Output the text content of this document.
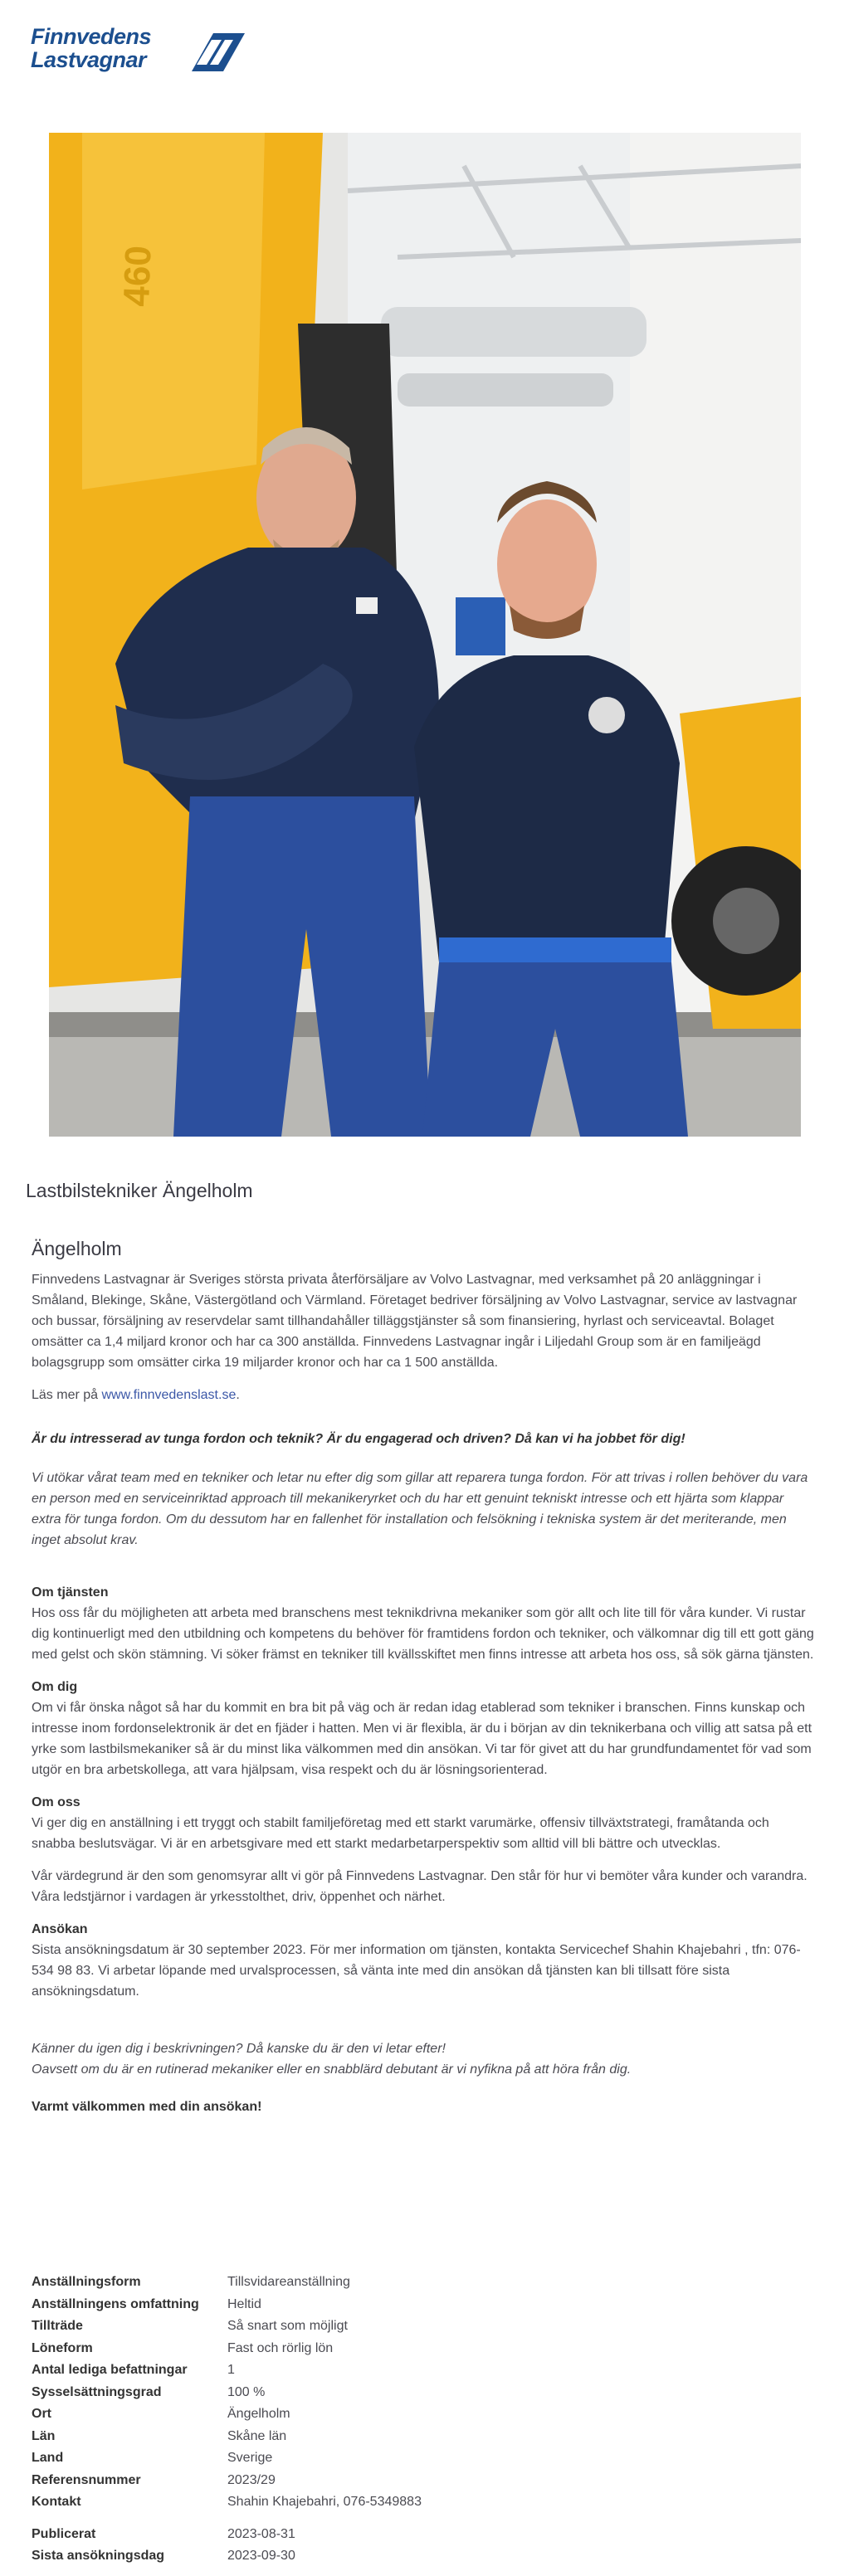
Finnvedens
Lastvagnar
460
Lastbilstekniker Ängelholm
Ängelholm

Finnvedens Lastvagnar är Sveriges största privata återförsäljare av Volvo Lastvagnar, med verksamhet på 20 anläggningar i Småland, Blekinge, Skåne, Västergötland och Värmland. Företaget bedriver försäljning av Volvo Lastvagnar, service av lastvagnar och bussar, försäljning av reservdelar samt tillhandahåller tilläggstjänster så som finansiering, hyrlast och serviceavtal. Bolaget omsätter ca 1,4 miljard kronor och har ca 300 anställda. Finnvedens Lastvagnar ingår i Liljedahl Group som är en familjeägd bolagsgrupp som omsätter cirka 19 miljarder kronor och har ca 1 500 anställda.

Läs mer på www.finnvedenslast.se.

Är du intresserad av tunga fordon och teknik? Är du engagerad och driven? Då kan vi ha jobbet för dig!

Vi utökar vårat team med en tekniker och letar nu efter dig som gillar att reparera tunga fordon. För att trivas i rollen behöver du vara en person med en serviceinriktad approach till mekanikeryrket och du har ett genuint tekniskt intresse och ett hjärta som klappar extra för tunga fordon. Om du dessutom har en fallenhet för installation och felsökning i tekniska system är det meriterande, men inget absolut krav.

Om tjänsten

Hos oss får du möjligheten att arbeta med branschens mest teknikdrivna mekaniker som gör allt och lite till för våra kunder. Vi rustar dig kontinuerligt med den utbildning och kompetens du behöver för framtidens fordon och tekniker, och välkomnar dig till ett gott gäng med gelst och skön stämning. Vi söker främst en tekniker till kvällsskiftet men finns intresse att arbeta hos oss, så sök gärna tjänsten.

Om dig

Om vi får önska något så har du kommit en bra bit på väg och är redan idag etablerad som tekniker i branschen. Finns kunskap och intresse inom fordonselektronik är det en fjäder i hatten. Men vi är flexibla, är du i början av din teknikerbana och villig att satsa på ett yrke som lastbilsmekaniker så är du minst lika välkommen med din ansökan. Vi tar för givet att du har grundfundamentet för vad som utgör en bra arbetskollega, att vara hjälpsam, visa respekt och du är lösningsorienterad.

Om oss

Vi ger dig en anställning i ett tryggt och stabilt familjeföretag med ett starkt varumärke, offensiv tillväxtstrategi, framåtanda och snabba beslutsvägar. Vi är en arbetsgivare med ett starkt medarbetarperspektiv som alltid vill bli bättre och utvecklas.

Vår värdegrund är den som genomsyrar allt vi gör på Finnvedens Lastvagnar. Den står för hur vi bemöter våra kunder och varandra. Våra ledstjärnor i vardagen är yrkesstolthet, driv, öppenhet och närhet.

Ansökan

Sista ansökningsdatum är 30 september 2023. För mer information om tjänsten, kontakta Servicechef Shahin Khajebahri , tfn: 076-534 98 83. Vi arbetar löpande med urvalsprocessen, så vänta inte med din ansökan då tjänsten kan bli tillsatt före sista ansökningsdatum.

Känner du igen dig i beskrivningen? Då kanske du är den vi letar efter!

Oavsett om du är en rutinerad mekaniker eller en snabblärd debutant är vi nyfikna på att höra från dig.

Varmt välkommen med din ansökan!

Anställningsform	Tillsvidareanställning
Anställningens omfattning	Heltid
Tillträde	Så snart som möjligt
Löneform	Fast och rörlig lön
Antal lediga befattningar	1
Sysselsättningsgrad	100 %
Ort	Ängelholm
Län	Skåne län
Land	Sverige
Referensnummer	2023/29
Kontakt	Shahin Khajebahri, 076-5349883

Publicerat	2023-08-31
Sista ansökningsdag	2023-09-30
